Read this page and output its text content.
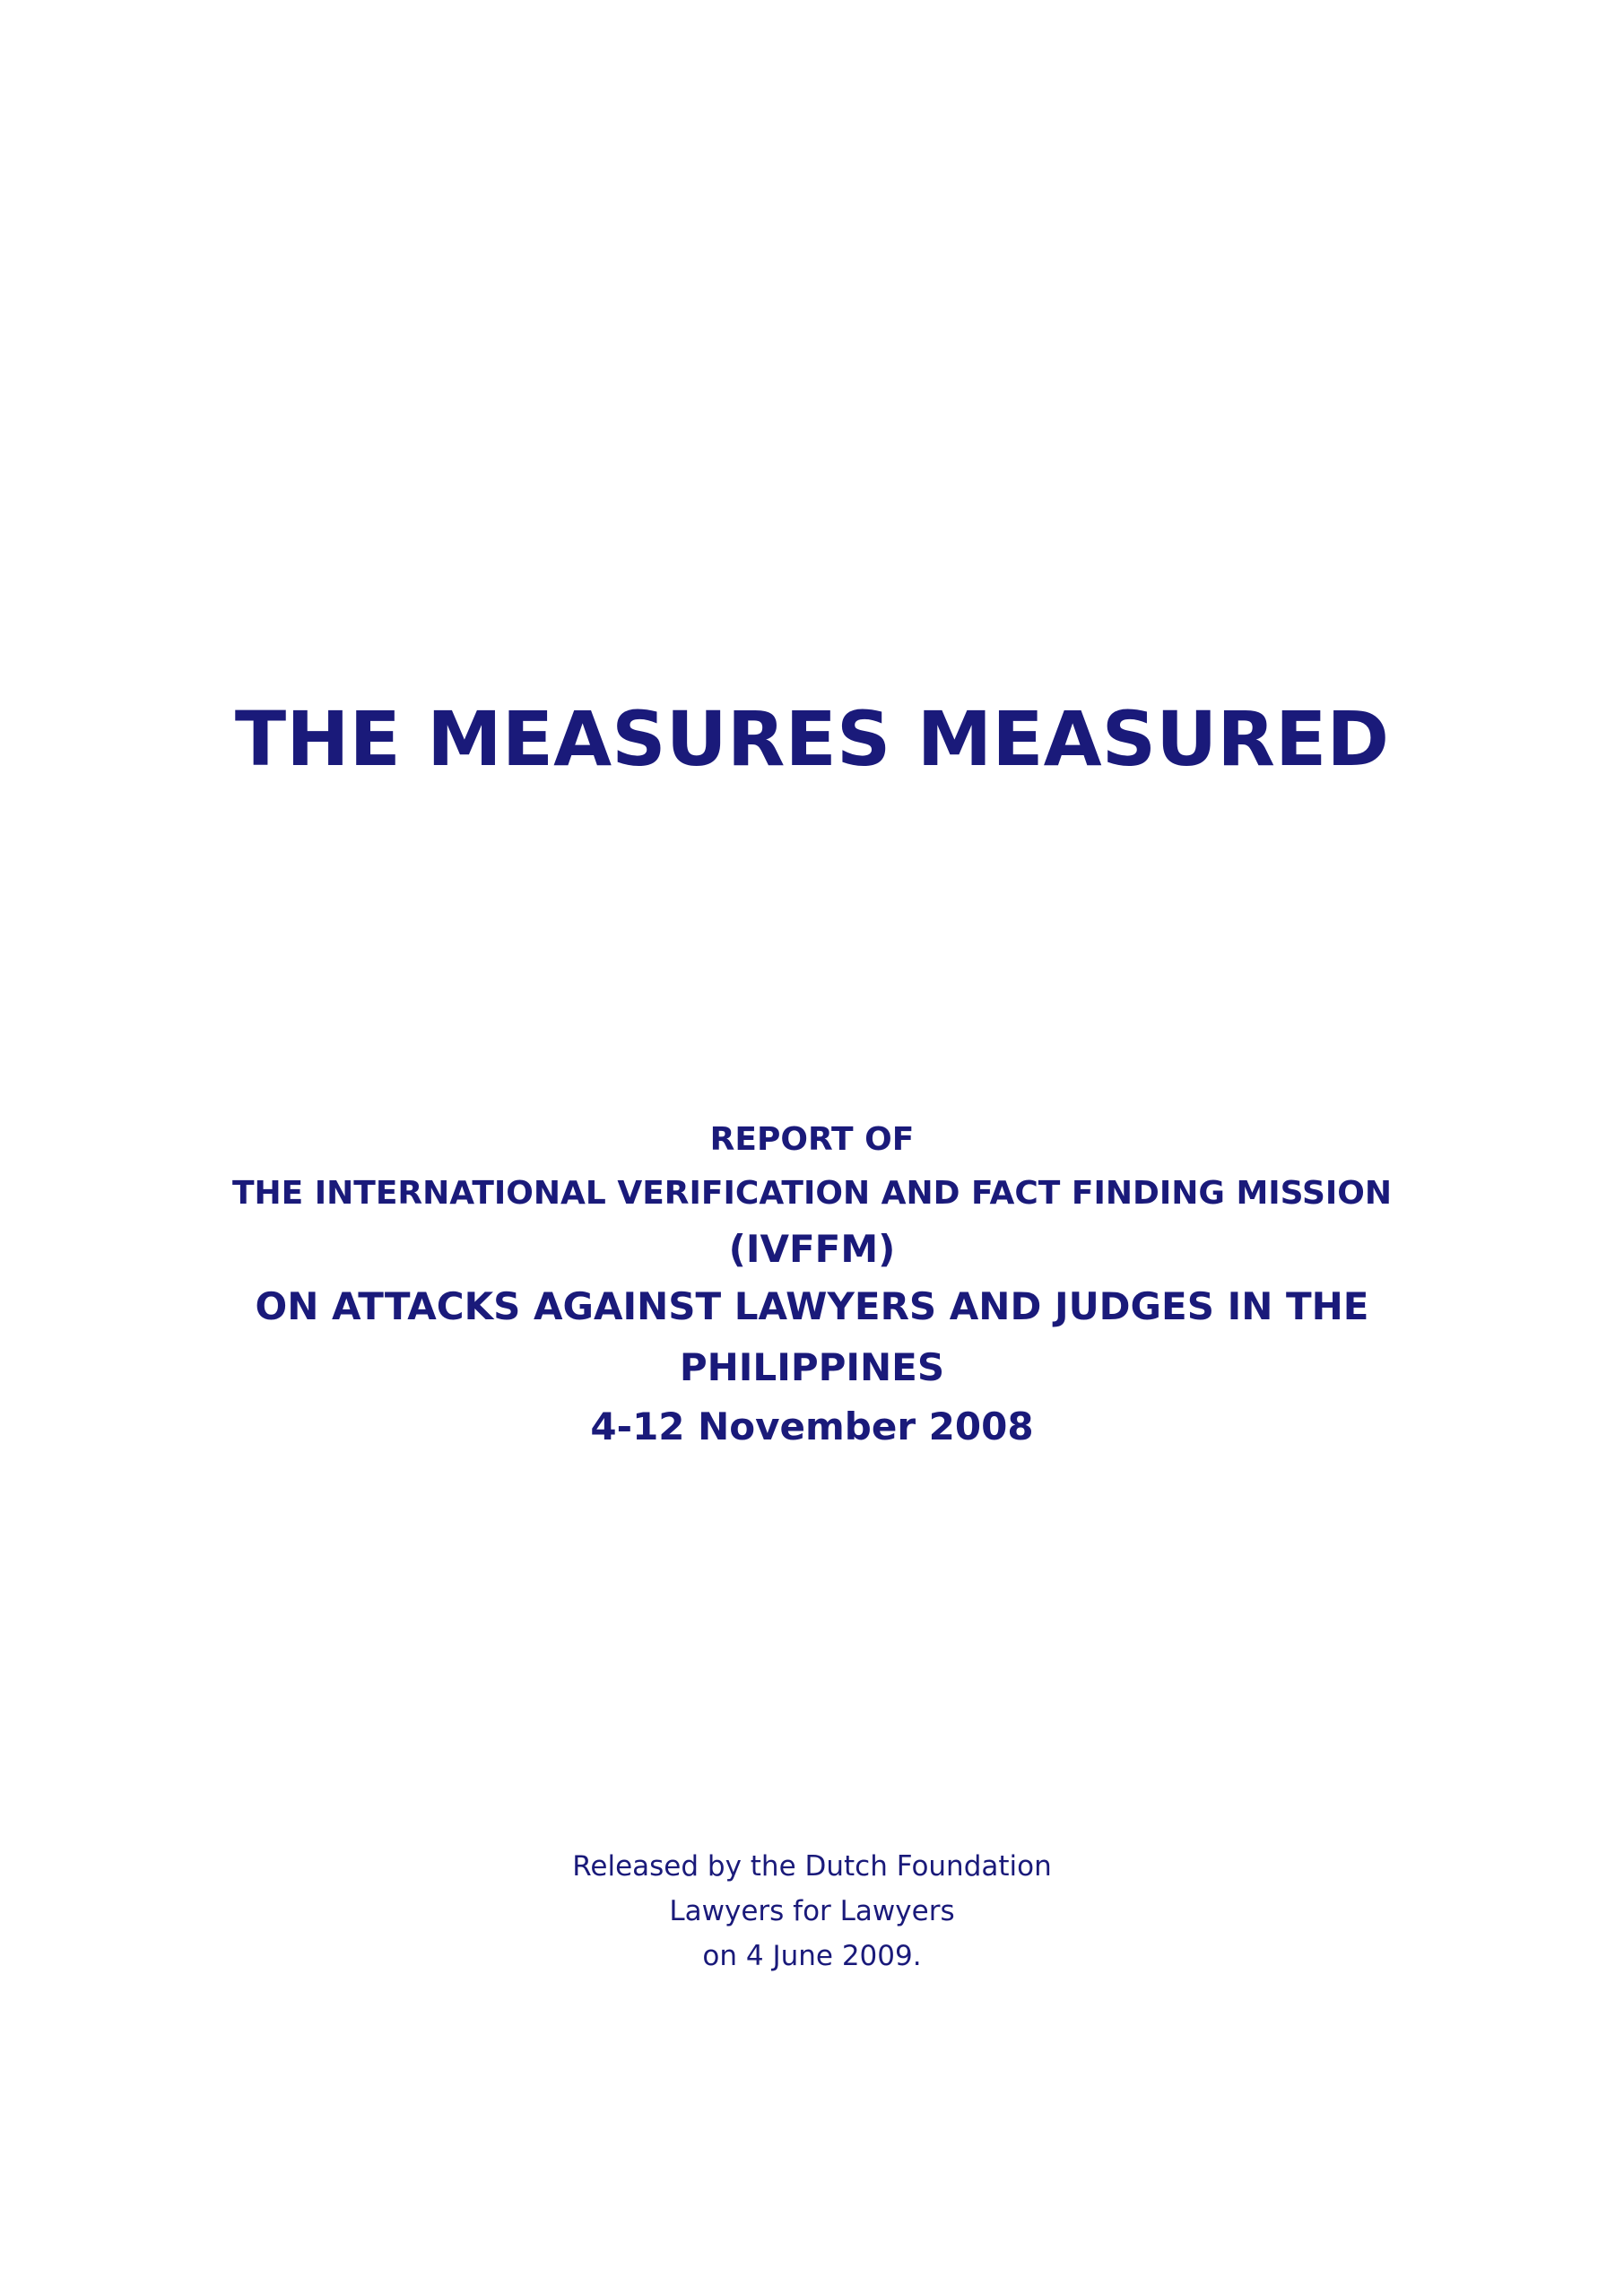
THE MEASURES MEASURED
REPORT OF
THE INTERNATIONAL VERIFICATION AND FACT FINDING MISSION
(IVFFM)
ON ATTACKS AGAINST LAWYERS AND JUDGES IN THE
PHILIPPINES
4-12 November 2008
Released by the Dutch Foundation
Lawyers for Lawyers
on 4 June 2009.
